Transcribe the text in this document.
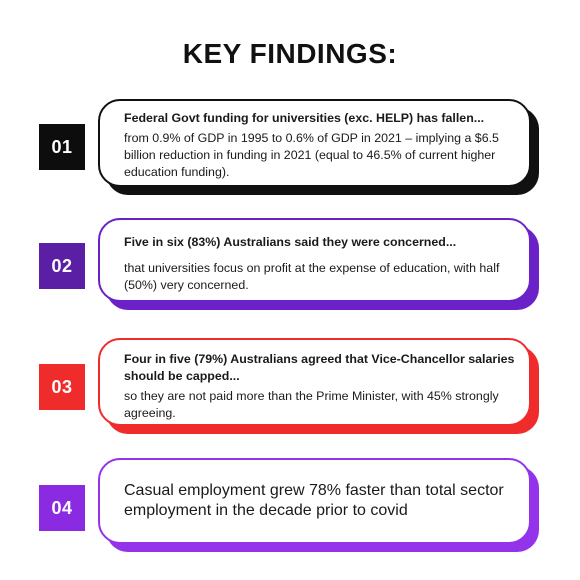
KEY FINDINGS:
01
Federal Govt funding for universities (exc. HELP) has fallen...
from 0.9% of GDP in 1995 to 0.6% of GDP in 2021 – implying a $6.5 billion reduction in funding in 2021 (equal to 46.5% of current higher education funding).
02
Five in six (83%) Australians said they were concerned...
that universities focus on profit at the expense of education, with half (50%) very concerned.
03
Four in five (79%) Australians agreed that Vice-Chancellor salaries should be capped...
so they are not paid more than the Prime Minister, with 45% strongly agreeing.
04
Casual employment grew 78% faster than total sector employment in the decade prior to covid
